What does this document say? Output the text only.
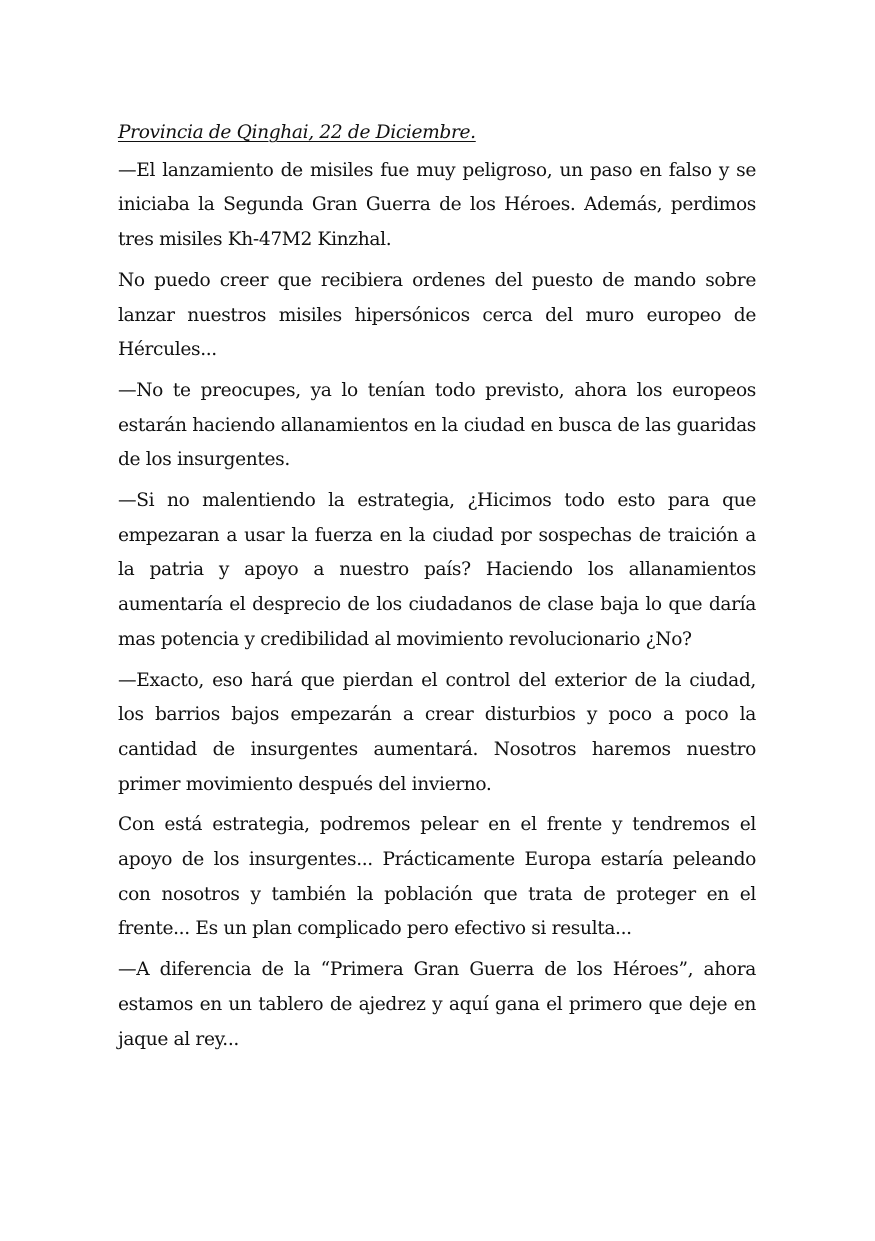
Provincia de Qinghai, 22 de Diciembre.

—El lanzamiento de misiles fue muy peligroso, un paso en falso y se iniciaba la Segunda Gran Guerra de los Héroes. Además, perdimos tres misiles Kh-47M2 Kinzhal.

No puedo creer que recibiera ordenes del puesto de mando sobre lanzar nuestros misiles hipersónicos cerca del muro europeo de Hércules...

—No te preocupes, ya lo tenían todo previsto, ahora los europeos estarán haciendo allanamientos en la ciudad en busca de las guaridas de los insurgentes.

—Si no malentiendo la estrategia, ¿Hicimos todo esto para que empezaran a usar la fuerza en la ciudad por sospechas de traición a la patria y apoyo a nuestro país? Haciendo los allanamientos aumentaría el desprecio de los ciudadanos de clase baja lo que daría mas potencia y credibilidad al movimiento revolucionario ¿No?

—Exacto, eso hará que pierdan el control del exterior de la ciudad, los barrios bajos empezarán a crear disturbios y poco a poco la cantidad de insurgentes aumentará. Nosotros haremos nuestro primer movimiento después del invierno.

Con está estrategia, podremos pelear en el frente y tendremos el apoyo de los insurgentes... Prácticamente Europa estaría peleando con nosotros y también la población que trata de proteger en el frente... Es un plan complicado pero efectivo si resulta...

—A diferencia de la “Primera Gran Guerra de los Héroes”, ahora estamos en un tablero de ajedrez y aquí gana el primero que deje en jaque al rey...
